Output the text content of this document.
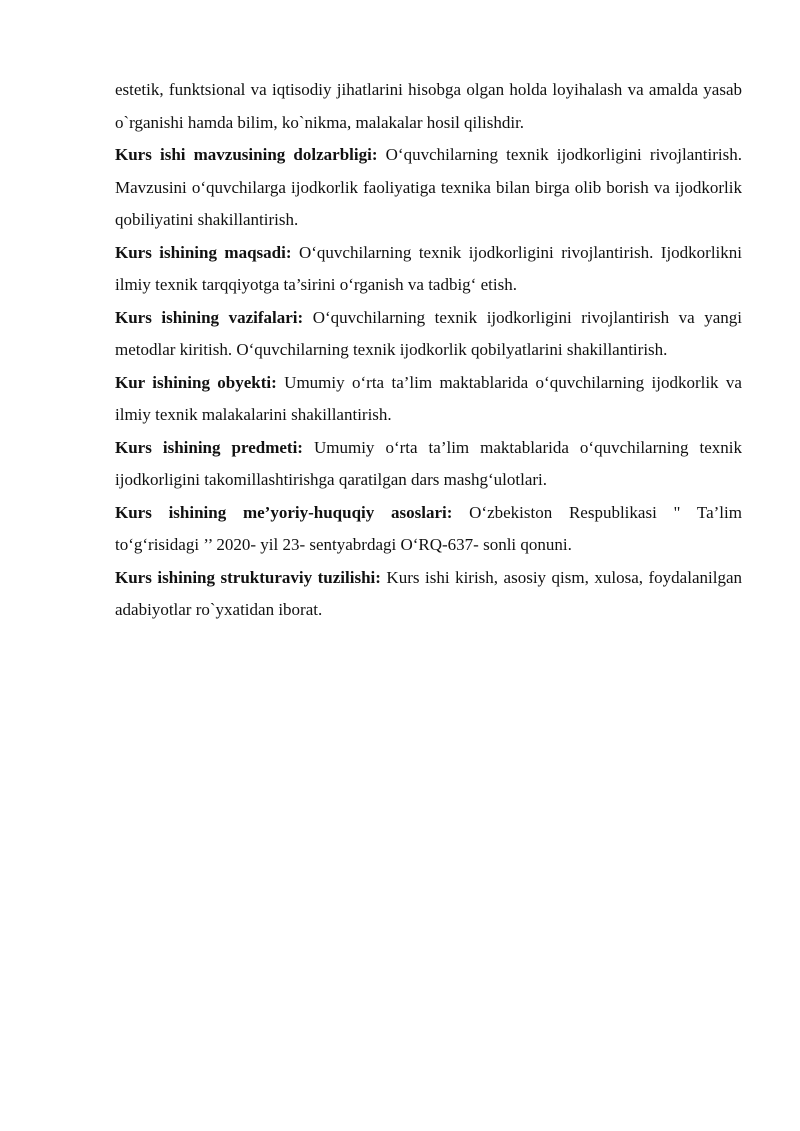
estetik, funktsional va iqtisodiy jihatlarini hisobga olgan holda loyihalash va amalda yasab o`rganishi hamda bilim, ko`nikma, malakalar hosil qilishdir.

Kurs ishi mavzusining dolzarbligi: O‘quvchilarning texnik ijodkorligini rivojlantirish. Mavzusini o‘quvchilarga ijodkorlik faoliyatiga texnika bilan birga olib borish va ijodkorlik qobiliyatini shakillantirish.

Kurs ishining maqsadi: O‘quvchilarning texnik ijodkorligini rivojlantirish. Ijodkorlikni ilmiy texnik tarqqiyotga ta’sirini o‘rganish va tadbig‘ etish.

Kurs ishining vazifalari: O‘quvchilarning texnik ijodkorligini rivojlantirish va yangi metodlar kiritish. O‘quvchilarning texnik ijodkorlik qobilyatlarini shakillantirish.

Kur ishining obyekti: Umumiy o‘rta ta’lim maktablarida o‘quvchilarning ijodkorlik va ilmiy texnik malakalarini shakillantirish.

Kurs ishining predmeti: Umumiy o‘rta ta’lim maktablarida o‘quvchilarning texnik ijodkorligini takomillashtirishga qaratilgan dars mashg‘ulotlari.

Kurs ishining me’yoriy-huquqiy asoslari: O‘zbekiston Respublikasi " Ta’lim to‘g‘risidagi ’’ 2020- yil 23- sentyabrdagi O‘RQ-637- sonli qonuni.

Kurs ishining strukturaviy tuzilishi: Kurs ishi kirish, asosiy qism, xulosa, foydalanilgan adabiyotlar ro`yxatidan iborat.
